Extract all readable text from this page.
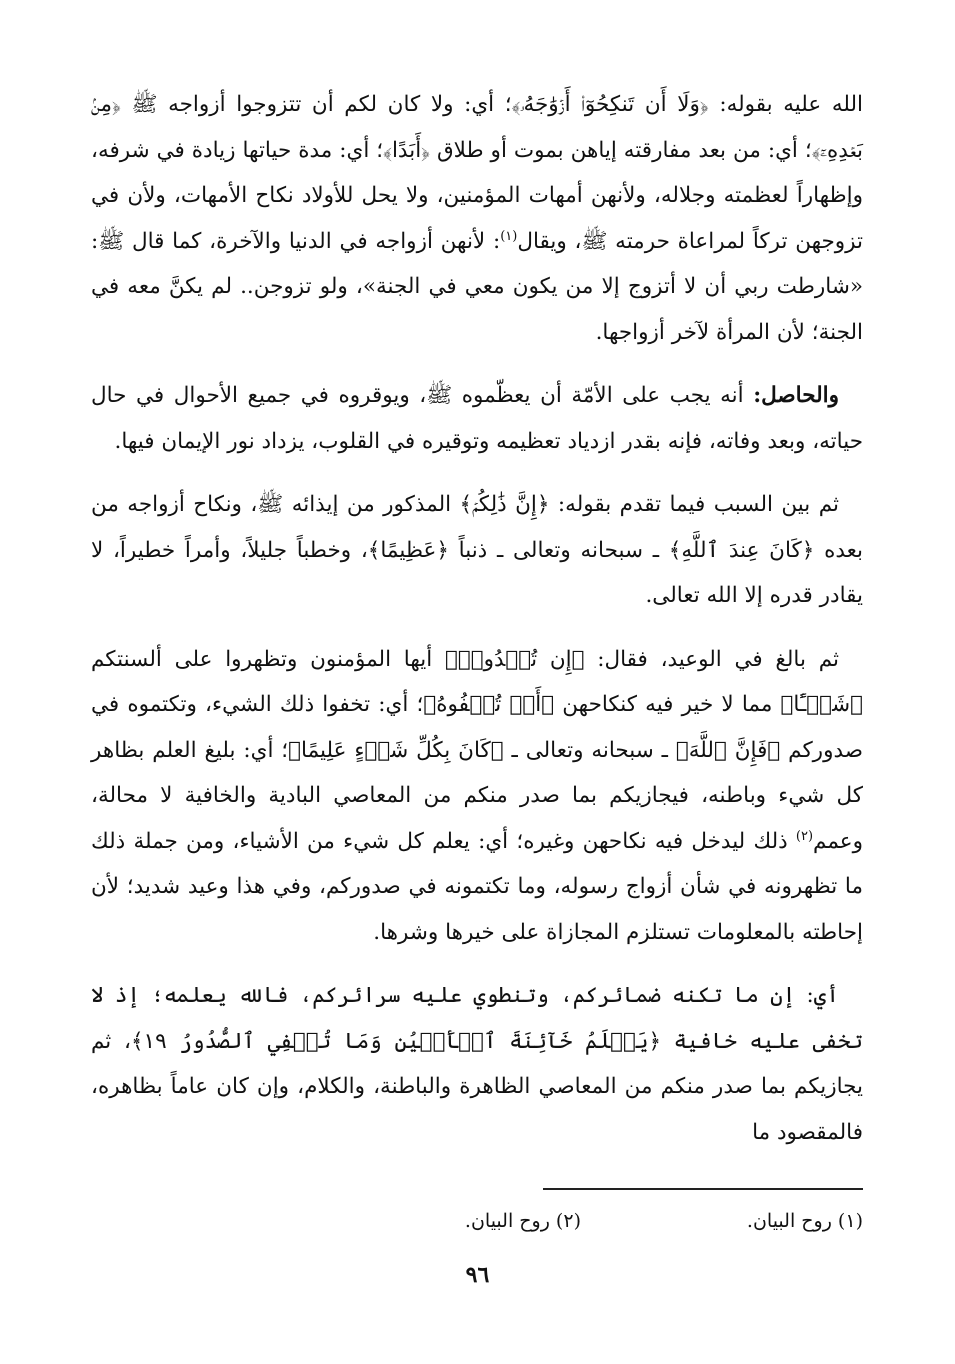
الله عليه بقوله: ﴿وَلَا أَن تَنكِحُوٓا۟ أَزۡوَٰجَهُۥ﴾؛ أي: ولا كان لكم أن تتزوجوا أزواجه ﷺ ﴿مِنۢ بَعۡدِهِۦٓ﴾؛ أي: من بعد مفارقته إياهن بموت أو طلاق ﴿أَبَدًا﴾؛ أي: مدة حياتها زيادة في شرفه، وإظهاراً لعظمته وجلاله، ولأنهن أمهات المؤمنين، ولا يحل للأولاد نكاح الأمهات، ولأن في تزوجهن تركاً لمراعاة حرمته ﷺ، ويقال$^{(١)}$: لأنهن أزواجه في الدنيا والآخرة، كما قال ﷺ: «شارطت ربي أن لا أتزوج إلا من يكون معي في الجنة»، ولو تزوجن.. لم يكنَّ معه في الجنة؛ لأن المرأة لآخر أزواجها.

والحاصل: أنه يجب على الأمّة أن يعظّموه ﷺ، ويوقروه في جميع الأحوال في حال حياته، وبعد وفاته، فإنه بقدر ازدياد تعظيمه وتوقيره في القلوب، يزداد نور الإيمان فيها.

ثم بين السبب فيما تقدم بقوله: ﴿إِنَّ ذَٰلِكُمۡ﴾ المذكور من إيذائه ﷺ، ونكاح أزواجه من بعده ﴿كَانَ عِندَ ٱللَّهِ﴾ ـ سبحانه وتعالى ـ ذنباً ﴿عَظِيمًا﴾، وخطباً جليلاً، وأمراً خطيراً، لا يقادر قدره إلا الله تعالى.

ثم بالغ في الوعيد، فقال: ﴿إِن تُبۡدُوا۟﴾ أيها المؤمنون وتظهروا على ألسنتكم ﴿شَيۡـًٔا﴾ مما لا خير فيه كنكاحهن ﴿أَوۡ تُخۡفُوهُ﴾؛ أي: تخفوا ذلك الشيء، وتكتموه في صدوركم ﴿فَإِنَّ ٱللَّهَ﴾ ـ سبحانه وتعالى ـ ﴿كَانَ بِكُلِّ شَيۡءٍ عَلِيمًا﴾؛ أي: بليغ العلم بظاهر كل شيء وباطنه، فيجازيكم بما صدر منكم من المعاصي البادية والخافية لا محالة، وعمم$^{(٢)}$ ذلك ليدخل فيه نكاحهن وغيره؛ أي: يعلم كل شيء من الأشياء، ومن جملة ذلك ما تظهرونه في شأن أزواج رسوله، وما تكتمونه في صدوركم، وفي هذا وعيد شديد؛ لأن إحاطته بالمعلومات تستلزم المجازاة على خيرها وشرها.

أي: إن ما تكنه ضمائركم، وتنطوي عليه سرائركم، فالله يعلمه؛ إذ لا تخفى عليه خافية ﴿يَعۡلَمُ خَآئِنَةَ ٱلۡأَعۡيُنِ وَمَا تُخۡفِي ٱلصُّدُورُ ١٩﴾، ثم يجازيكم بما صدر منكم من المعاصي الظاهرة والباطنة، والكلام، وإن كان عاماً بظاهره، فالمقصود ما

(١) روح البيان.
(٢) روح البيان.
٩٦
